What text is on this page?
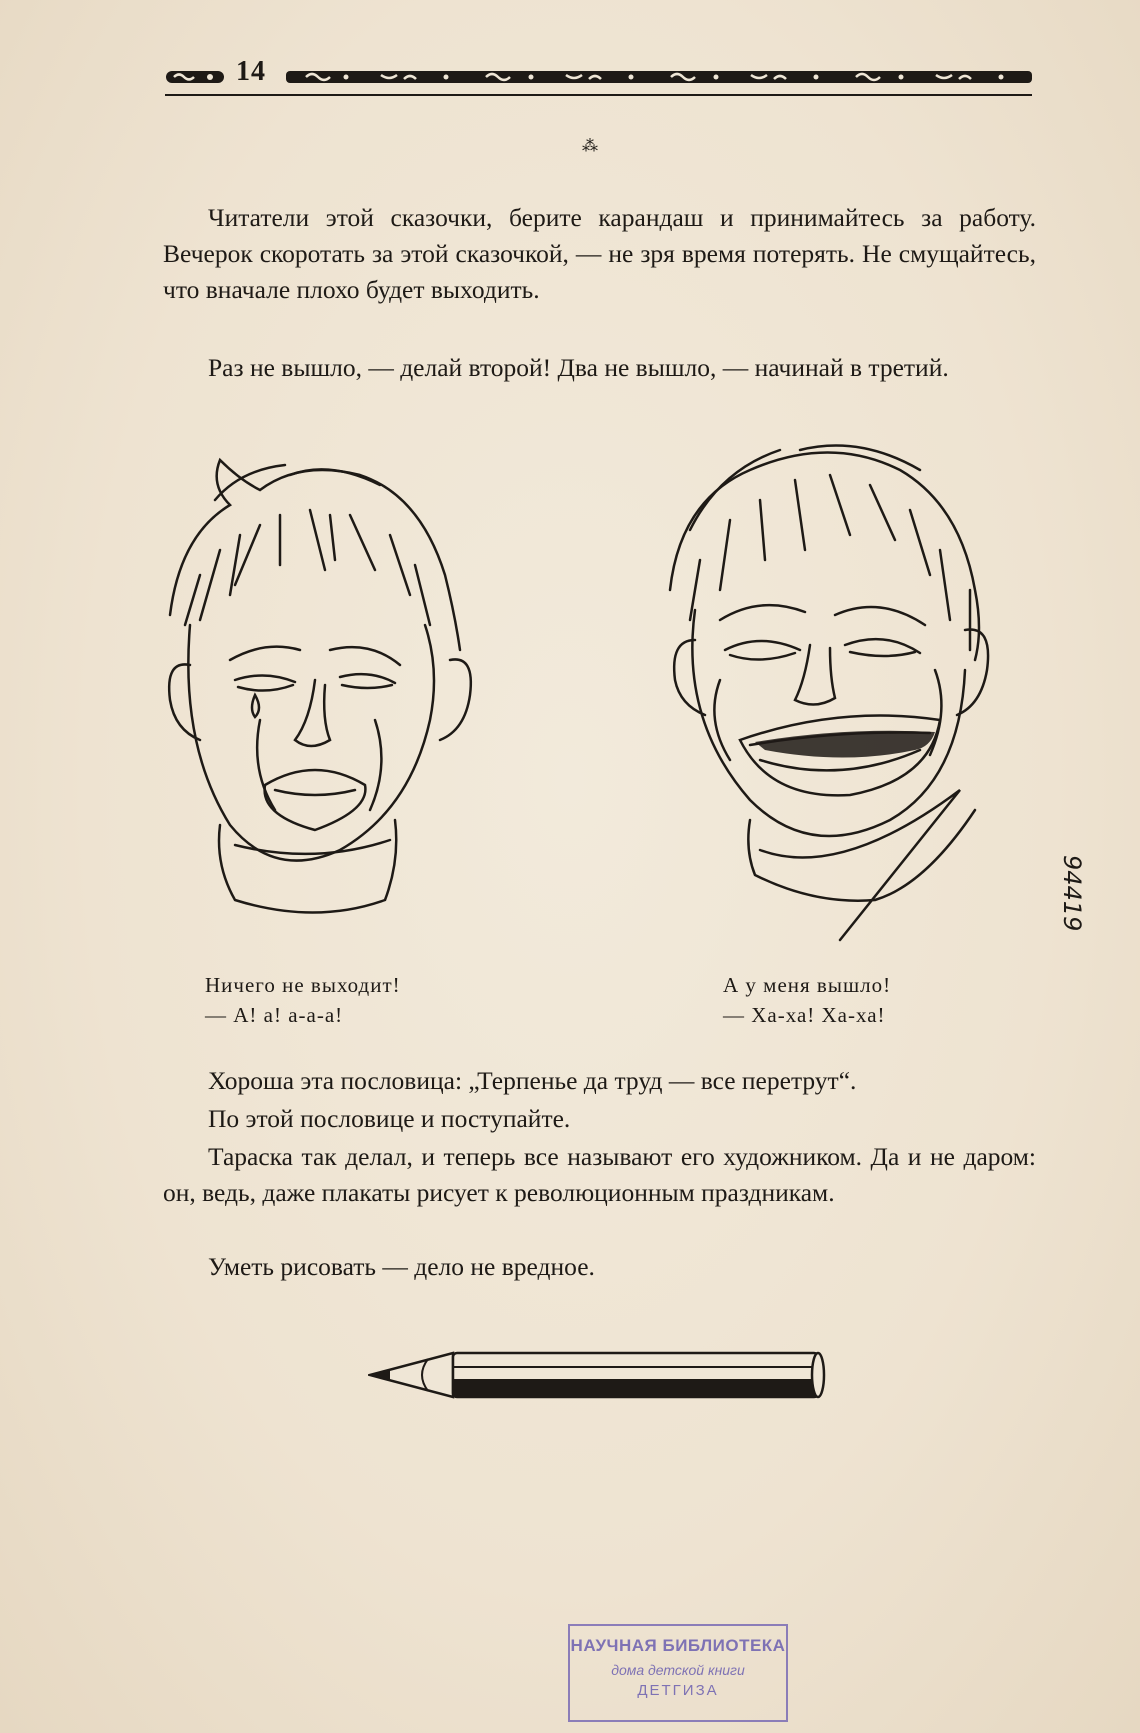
14
⁂
Читатели этой сказочки, берите карандаш и принимайтесь за работу. Вечерок скоротать за этой сказочкой, — не зря время потерять. Не смущайтесь, что вначале плохо будет выходить.
Раз не вышло, — делай второй! Два не вышло, — начинай в третий.
Ничего не выходит!
— А! а! а-а-а!
А у меня вышло!
— Ха-ха! Ха-ха!
Хороша эта пословица: „Терпенье да труд — все перетрут“.
По этой пословице и поступайте.
Тараска так делал, и теперь все называют его художником. Да и не даром: он, ведь, даже плакаты рисует к революционным праздникам.
Уметь рисовать — дело не вредное.
НАУЧНАЯ БИБЛИОТЕКА
дома детской книги
ДЕТГИЗА
94419
